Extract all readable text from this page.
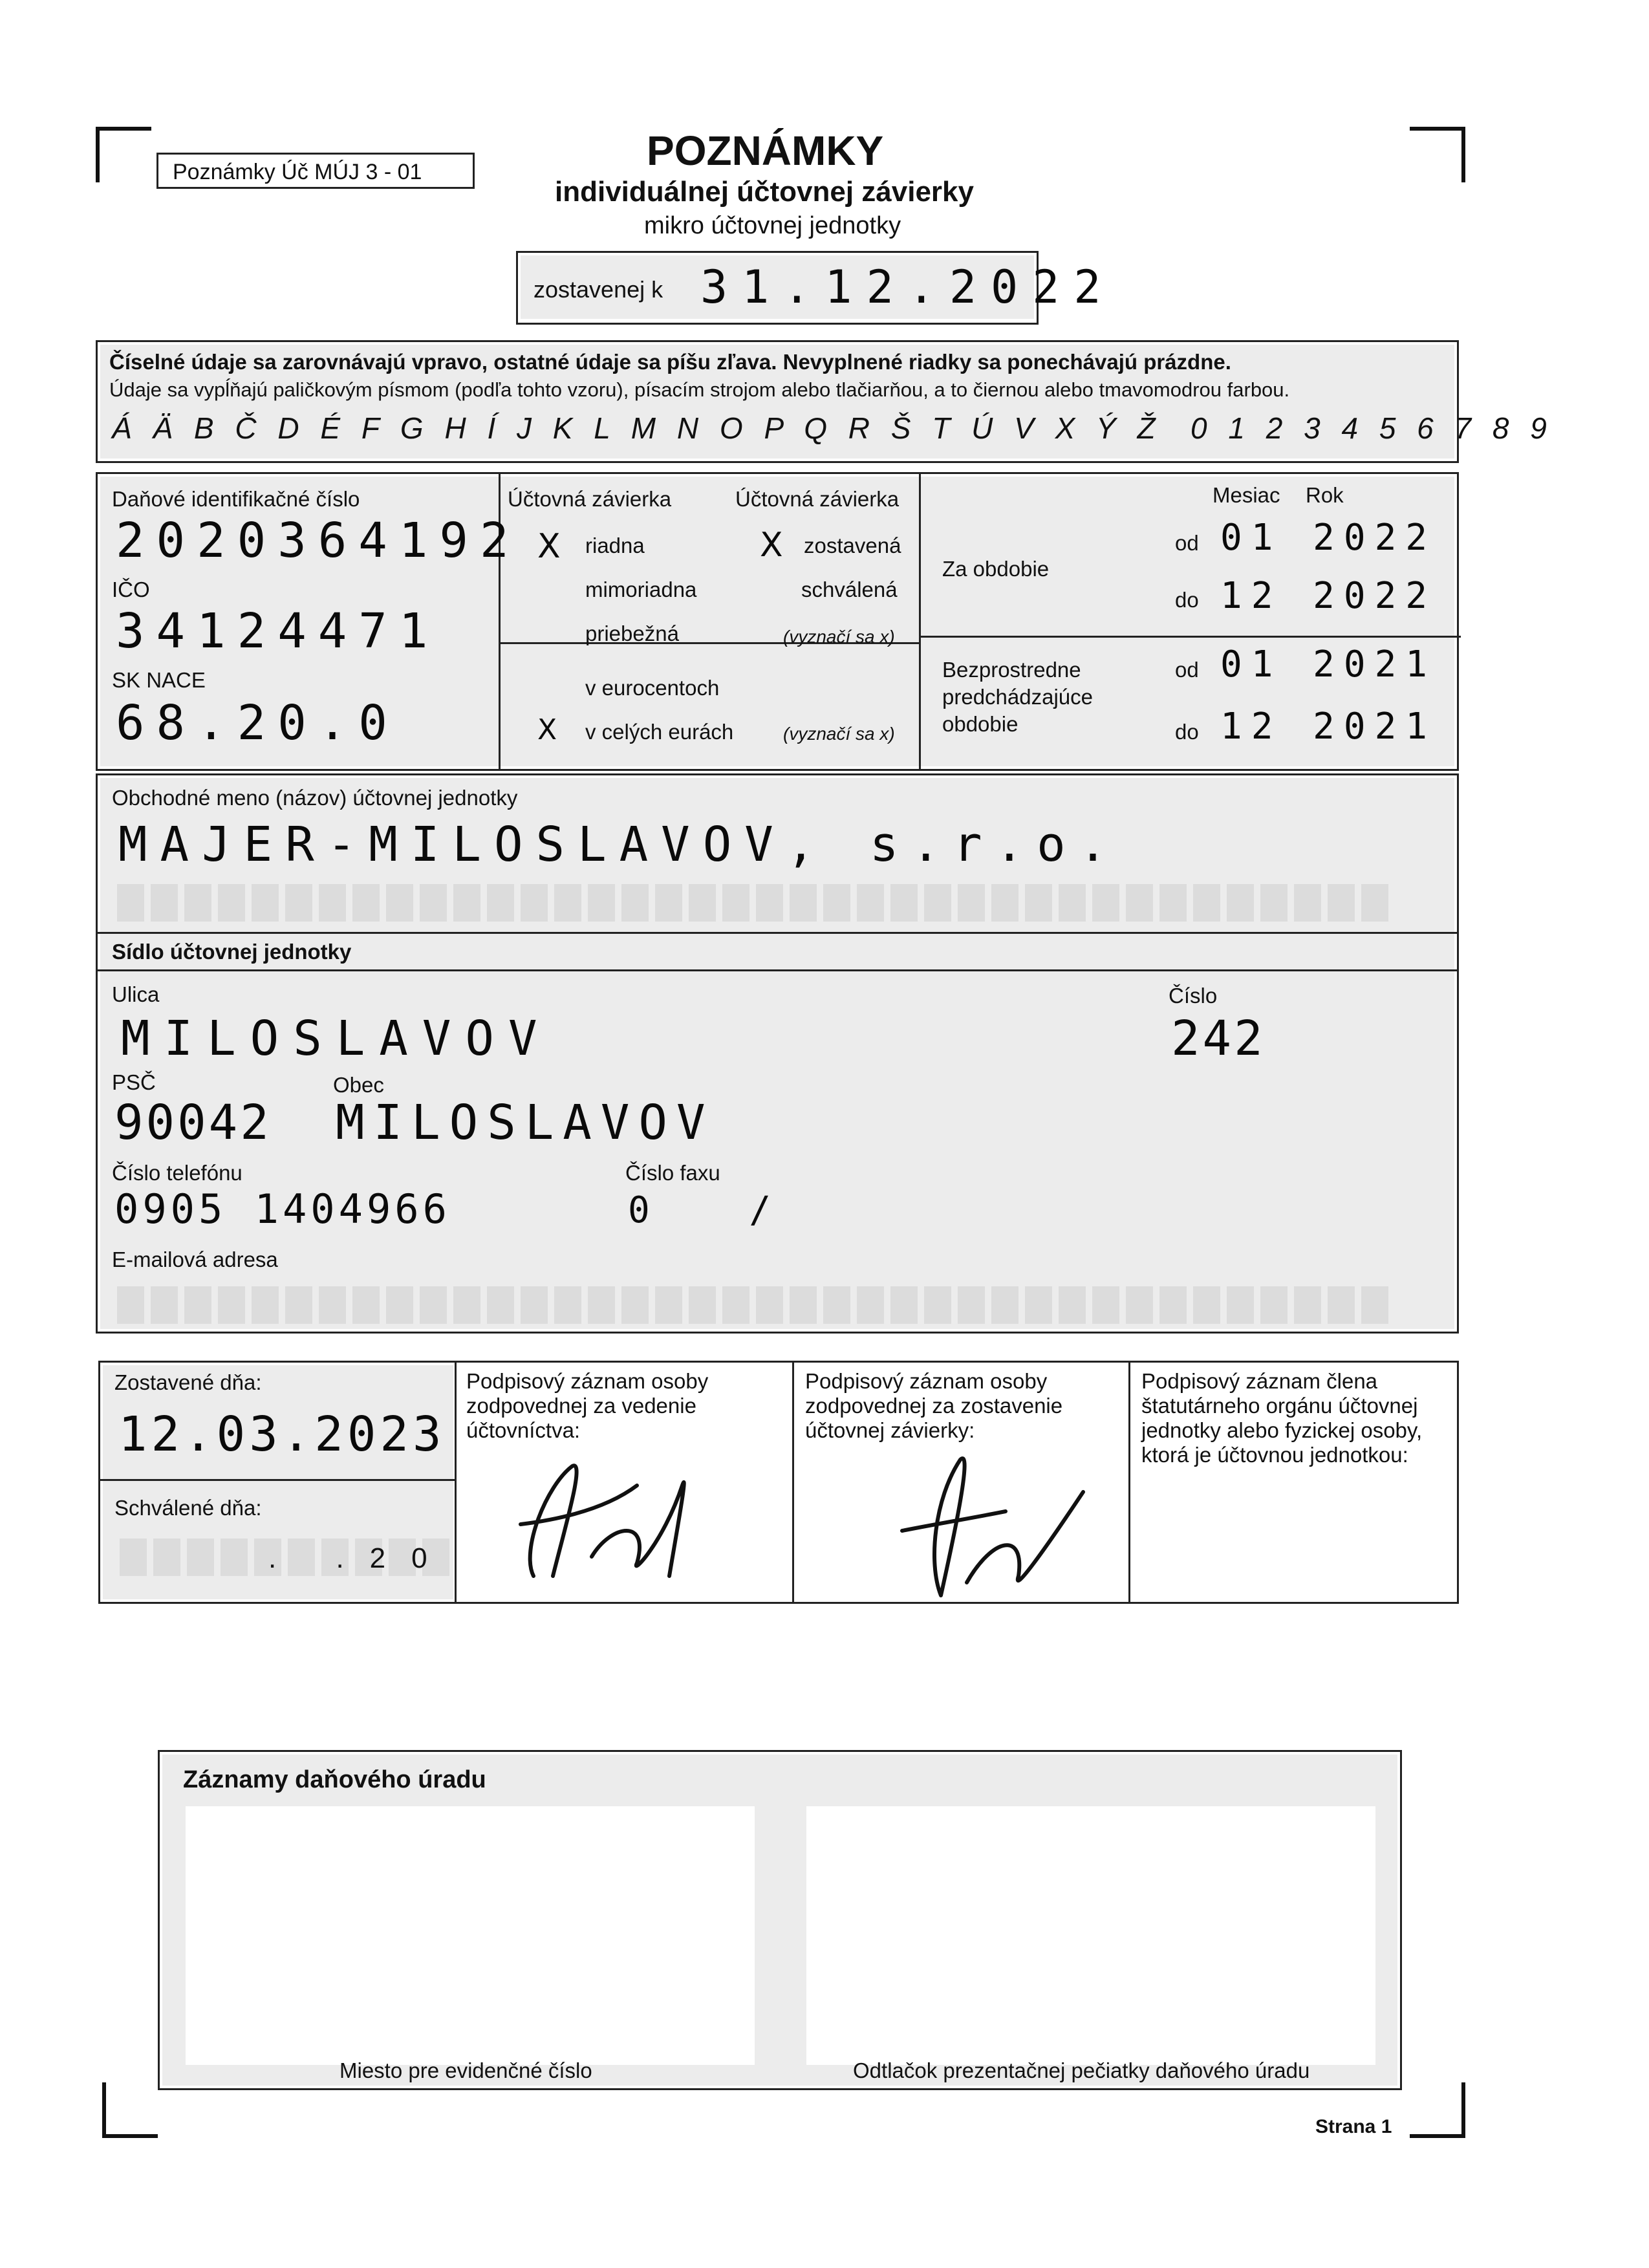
Poznámky Úč MÚJ 3 - 01	POZNÁMKY
individuálnej účtovnej závierky
mikro účtovnej jednotky
zostavenej k 31.12.2022
Číselné údaje sa zarovnávajú vpravo, ostatné údaje sa píšu zľava. Nevyplnené riadky sa ponechávajú prázdne.
Údaje sa vypĺňajú paličkovým písmom (podľa tohto vzoru), písacím strojom alebo tlačiarňou, a to čiernou alebo tmavomodrou farbou.
Á Ä B Č D É F G H Í J K L M N O P Q R Š T Ú V X Ý Ž 0 1 2 3 4 5 6 7 8 9
Daňové identifikačné číslo
2020364192
IČO
34124471
SK NACE
68.20.0
Účtovná závierka	Účtovná závierka
X riadna
mimoriadna
priebežná
X zostavená
schválená
(vyznačí sa x)
v eurocentoch
X v celých eurách	(vyznačí sa x)
Mesiac Rok
Za obdobie
od 01 2022
do 12 2022
Bezprostredne
predchádzajúce
obdobie
od 01 2021
do 12 2021
Obchodné meno (názov) účtovnej jednotky
MAJER-MILOSLAVOV, s.r.o.
Sídlo účtovnej jednotky
Ulica
MILOSLAVOV
Číslo
242
PSČ
90042
Obec
MILOSLAVOV
Číslo telefónu
0905 1404966
Číslo faxu
0 /
E-mailová adresa
Zostavené dňa:
12.03.2023
Schválené dňa:
. .20
Podpisový záznam osoby zodpovednej za vedenie účtovníctva:
Podpisový záznam osoby zodpovednej za zostavenie účtovnej závierky:
Podpisový záznam člena štatutárneho orgánu účtovnej jednotky alebo fyzickej osoby, ktorá je účtovnou jednotkou:
Záznamy daňového úradu
Miesto pre evidenčné číslo	Odtlačok prezentačnej pečiatky daňového úradu
Strana 1
